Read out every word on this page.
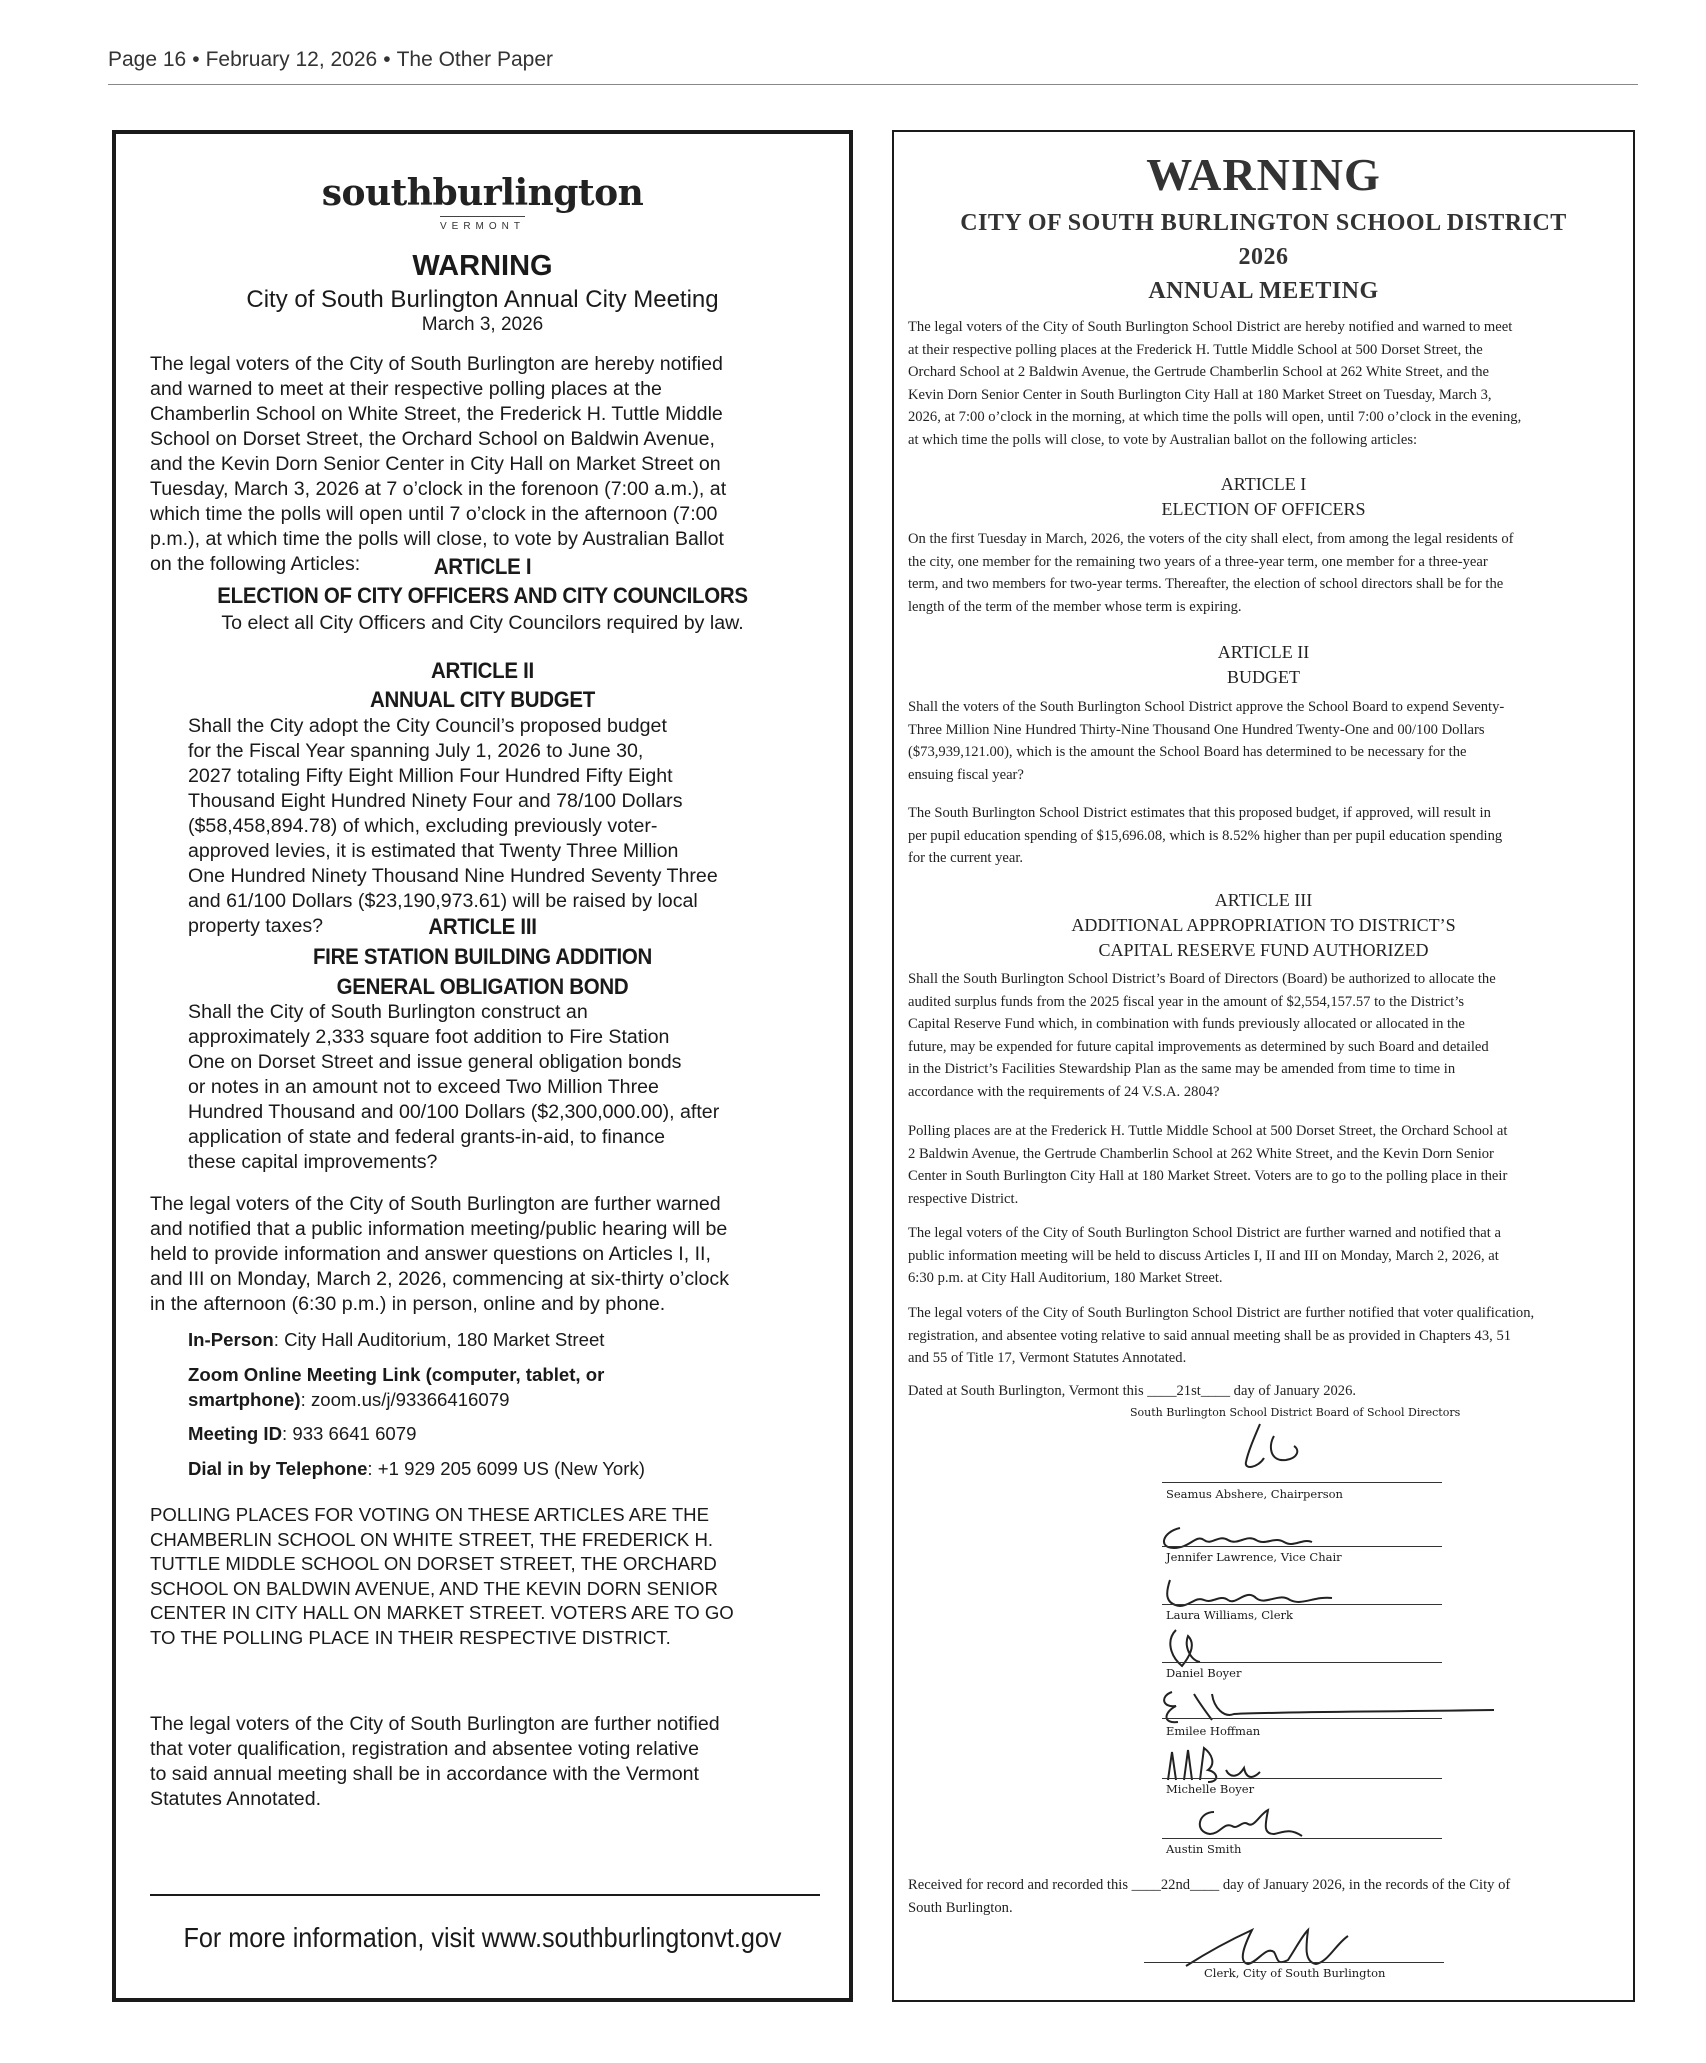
Page 16 • February 12, 2026 • The Other Paper
southburlington
VERMONT
WARNING
City of South Burlington Annual City Meeting
March 3, 2026
The legal voters of the City of South Burlington are hereby notified
and warned to meet at their respective polling places at the
Chamberlin School on White Street, the Frederick H. Tuttle Middle
School on Dorset Street, the Orchard School on Baldwin Avenue,
and the Kevin Dorn Senior Center in City Hall on Market Street on
Tuesday, March 3, 2026 at 7 o’clock in the forenoon (7:00 a.m.), at
which time the polls will open until 7 o’clock in the afternoon (7:00
p.m.), at which time the polls will close, to vote by Australian Ballot
on the following Articles:	ARTICLE I
ELECTION OF CITY OFFICERS AND CITY COUNCILORS
To elect all City Officers and City Councilors required by law.
ARTICLE II
ANNUAL CITY BUDGET
Shall the City adopt the City Council’s proposed budget
for the Fiscal Year spanning July 1, 2026 to June 30,
2027 totaling Fifty Eight Million Four Hundred Fifty Eight
Thousand Eight Hundred Ninety Four and 78/100 Dollars
($58,458,894.78) of which, excluding previously voter-
approved levies, it is estimated that Twenty Three Million
One Hundred Ninety Thousand Nine Hundred Seventy Three
and 61/100 Dollars ($23,190,973.61) will be raised by local
property taxes?	ARTICLE III
FIRE STATION BUILDING ADDITION
GENERAL OBLIGATION BOND
Shall the City of South Burlington construct an
approximately 2,333 square foot addition to Fire Station
One on Dorset Street and issue general obligation bonds
or notes in an amount not to exceed Two Million Three
Hundred Thousand and 00/100 Dollars ($2,300,000.00), after
application of state and federal grants-in-aid, to finance
these capital improvements?
The legal voters of the City of South Burlington are further warned
and notified that a public information meeting/public hearing will be
held to provide information and answer questions on Articles I, II,
and III on Monday, March 2, 2026, commencing at six-thirty o’clock
in the afternoon (6:30 p.m.) in person, online and by phone.
In-Person: City Hall Auditorium, 180 Market Street
Zoom Online Meeting Link (computer, tablet, or
smartphone): zoom.us/j/93366416079
Meeting ID: 933 6641 6079
Dial in by Telephone: +1 929 205 6099 US (New York)
POLLING PLACES FOR VOTING ON THESE ARTICLES ARE THE
CHAMBERLIN SCHOOL ON WHITE STREET, THE FREDERICK H.
TUTTLE MIDDLE SCHOOL ON DORSET STREET, THE ORCHARD
SCHOOL ON BALDWIN AVENUE, AND THE KEVIN DORN SENIOR
CENTER IN CITY HALL ON MARKET STREET. VOTERS ARE TO GO
TO THE POLLING PLACE IN THEIR RESPECTIVE DISTRICT.
The legal voters of the City of South Burlington are further notified
that voter qualification, registration and absentee voting relative
to said annual meeting shall be in accordance with the Vermont
Statutes Annotated.
For more information, visit www.southburlingtonvt.gov
WARNING
CITY OF SOUTH BURLINGTON SCHOOL DISTRICT
2026
ANNUAL MEETING
The legal voters of the City of South Burlington School District are hereby notified and warned to meet
at their respective polling places at the Frederick H. Tuttle Middle School at 500 Dorset Street, the
Orchard School at 2 Baldwin Avenue, the Gertrude Chamberlin School at 262 White Street, and the
Kevin Dorn Senior Center in South Burlington City Hall at 180 Market Street on Tuesday, March 3,
2026, at 7:00 o’clock in the morning, at which time the polls will open, until 7:00 o’clock in the evening,
at which time the polls will close, to vote by Australian ballot on the following articles:
ARTICLE I
ELECTION OF OFFICERS
On the first Tuesday in March, 2026, the voters of the city shall elect, from among the legal residents of
the city, one member for the remaining two years of a three-year term, one member for a three-year
term, and two members for two-year terms. Thereafter, the election of school directors shall be for the
length of the term of the member whose term is expiring.
ARTICLE II
BUDGET
Shall the voters of the South Burlington School District approve the School Board to expend Seventy-
Three Million Nine Hundred Thirty-Nine Thousand One Hundred Twenty-One and 00/100 Dollars
($73,939,121.00), which is the amount the School Board has determined to be necessary for the
ensuing fiscal year?
The South Burlington School District estimates that this proposed budget, if approved, will result in
per pupil education spending of $15,696.08, which is 8.52% higher than per pupil education spending
for the current year.
ARTICLE III
ADDITIONAL APPROPRIATION TO DISTRICT’S
CAPITAL RESERVE FUND AUTHORIZED
Shall the South Burlington School District’s Board of Directors (Board) be authorized to allocate the
audited surplus funds from the 2025 fiscal year in the amount of $2,554,157.57 to the District’s
Capital Reserve Fund which, in combination with funds previously allocated or allocated in the
future, may be expended for future capital improvements as determined by such Board and detailed
in the District’s Facilities Stewardship Plan as the same may be amended from time to time in
accordance with the requirements of 24 V.S.A. 2804?
Polling places are at the Frederick H. Tuttle Middle School at 500 Dorset Street, the Orchard School at
2 Baldwin Avenue, the Gertrude Chamberlin School at 262 White Street, and the Kevin Dorn Senior
Center in South Burlington City Hall at 180 Market Street. Voters are to go to the polling place in their
respective District.
The legal voters of the City of South Burlington School District are further warned and notified that a
public information meeting will be held to discuss Articles I, II and III on Monday, March 2, 2026, at
6:30 p.m. at City Hall Auditorium, 180 Market Street.
The legal voters of the City of South Burlington School District are further notified that voter qualification,
registration, and absentee voting relative to said annual meeting shall be as provided in Chapters 43, 51
and 55 of Title 17, Vermont Statutes Annotated.
Dated at South Burlington, Vermont this ____21st____ day of January 2026.
South Burlington School District Board of School Directors
Seamus Abshere, Chairperson
Jennifer Lawrence, Vice Chair
Laura Williams, Clerk
Daniel Boyer
Emilee Hoffman
Michelle Boyer
Austin Smith
Received for record and recorded this ____22nd____ day of January 2026, in the records of the City of
South Burlington.
Clerk, City of South Burlington
